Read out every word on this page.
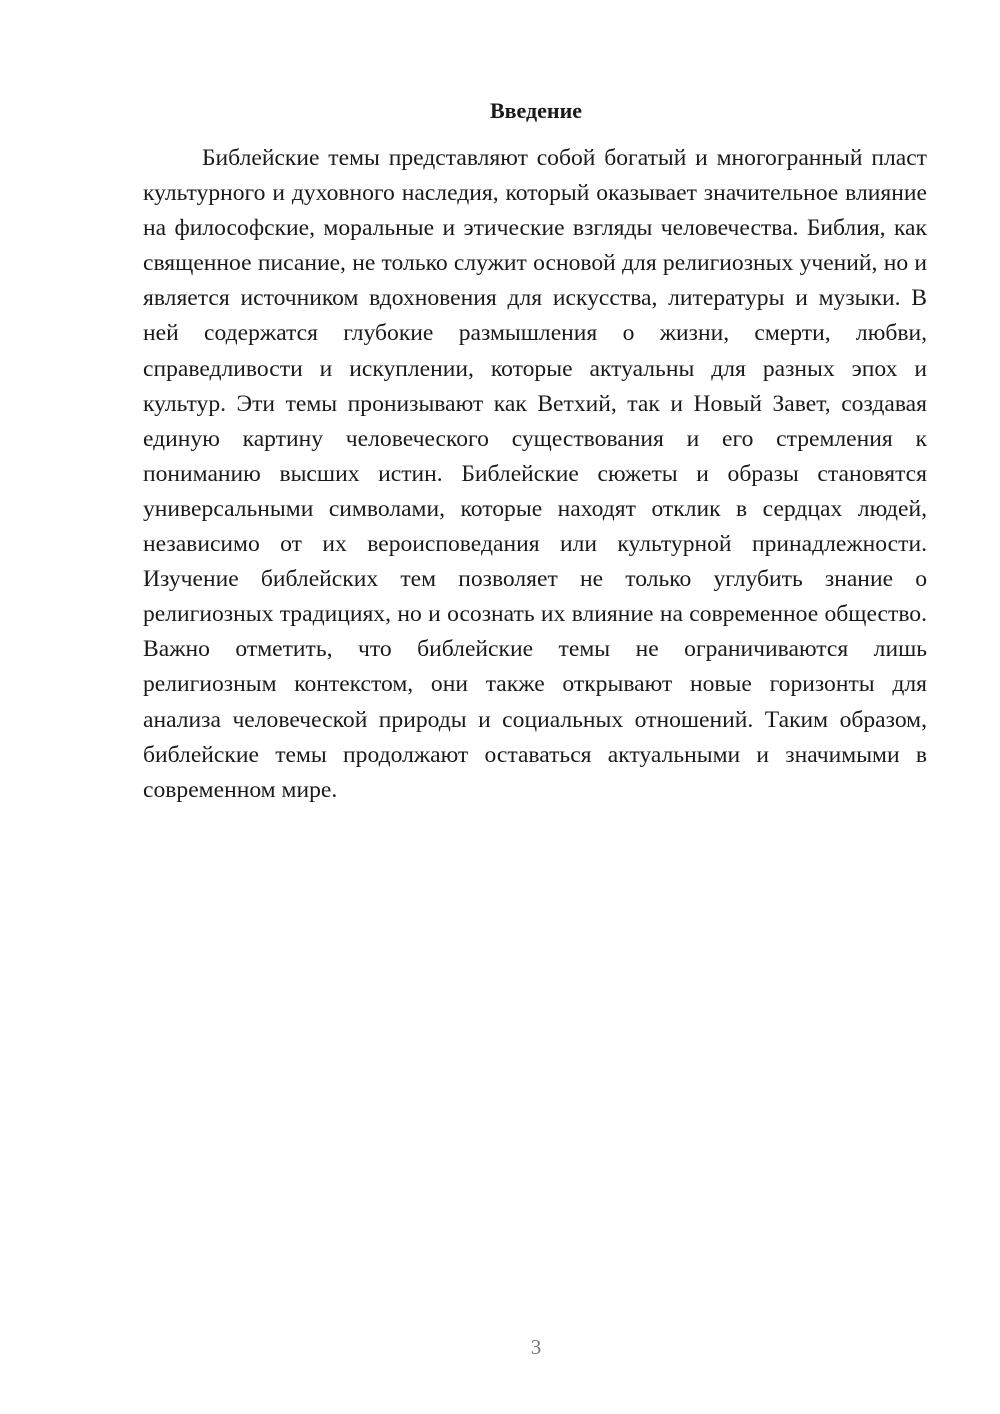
Введение

Библейские темы представляют собой богатый и многогранный пласт культурного и духовного наследия, который оказывает значительное влияние на философские, моральные и этические взгляды человечества. Библия, как священное писание, не только служит основой для религиозных учений, но и является источником вдохновения для искусства, литературы и музыки. В ней содержатся глубокие размышления о жизни, смерти, любви, справедливости и искуплении, которые актуальны для разных эпох и культур. Эти темы пронизывают как Ветхий, так и Новый Завет, создавая единую картину человеческого существования и его стремления к пониманию высших истин. Библейские сюжеты и образы становятся универсальными символами, которые находят отклик в сердцах людей, независимо от их вероисповедания или культурной принадлежности. Изучение библейских тем позволяет не только углубить знание о религиозных традициях, но и осознать их влияние на современное общество. Важно отметить, что библейские темы не ограничиваются лишь религиозным контекстом, они также открывают новые горизонты для анализа человеческой природы и социальных отношений. Таким образом, библейские темы продолжают оставаться актуальными и значимыми в современном мире.

3
